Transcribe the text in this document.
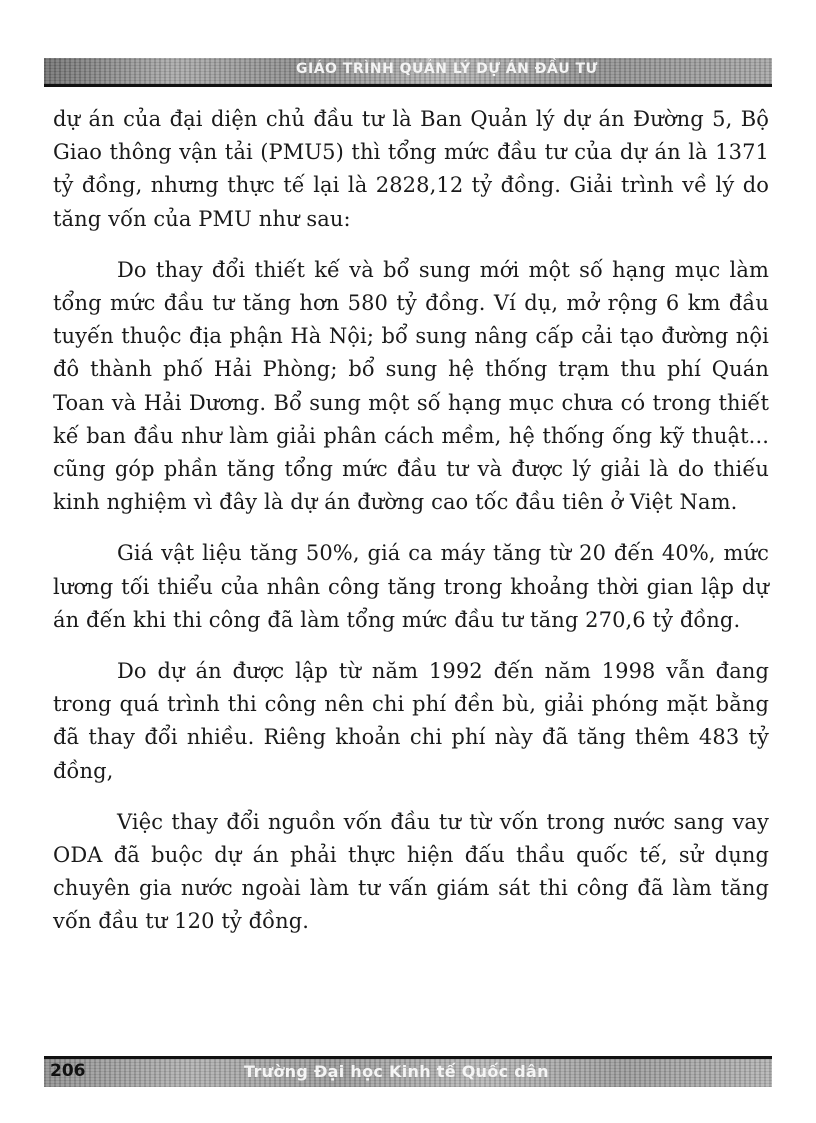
GIÁO TRÌNH QUẢN LÝ DỰ ÁN ĐẦU TƯ

dự án của đại diện chủ đầu tư là Ban Quản lý dự án Đường 5, Bộ Giao thông vận tải (PMU5) thì tổng mức đầu tư của dự án là 1371 tỷ đồng, nhưng thực tế lại là 2828,12 tỷ đồng. Giải trình về lý do tăng vốn của PMU như sau:

Do thay đổi thiết kế và bổ sung mới một số hạng mục làm tổng mức đầu tư tăng hơn 580 tỷ đồng. Ví dụ, mở rộng 6 km đầu tuyến thuộc địa phận Hà Nội; bổ sung nâng cấp cải tạo đường nội đô thành phố Hải Phòng; bổ sung hệ thống trạm thu phí Quán Toan và Hải Dương. Bổ sung một số hạng mục chưa có trong thiết kế ban đầu như làm giải phân cách mềm, hệ thống ống kỹ thuật... cũng góp phần tăng tổng mức đầu tư và được lý giải là do thiếu kinh nghiệm vì đây là dự án đường cao tốc đầu tiên ở Việt Nam.

Giá vật liệu tăng 50%, giá ca máy tăng từ 20 đến 40%, mức lương tối thiểu của nhân công tăng trong khoảng thời gian lập dự án đến khi thi công đã làm tổng mức đầu tư tăng 270,6 tỷ đồng.

Do dự án được lập từ năm 1992 đến năm 1998 vẫn đang trong quá trình thi công nên chi phí đền bù, giải phóng mặt bằng đã thay đổi nhiều. Riêng khoản chi phí này đã tăng thêm 483 tỷ đồng,

Việc thay đổi nguồn vốn đầu tư từ vốn trong nước sang vay ODA đã buộc dự án phải thực hiện đấu thầu quốc tế, sử dụng chuyên gia nước ngoài làm tư vấn giám sát thi công đã làm tăng vốn đầu tư 120 tỷ đồng.

206	Trường Đại học Kinh tế Quốc dân
